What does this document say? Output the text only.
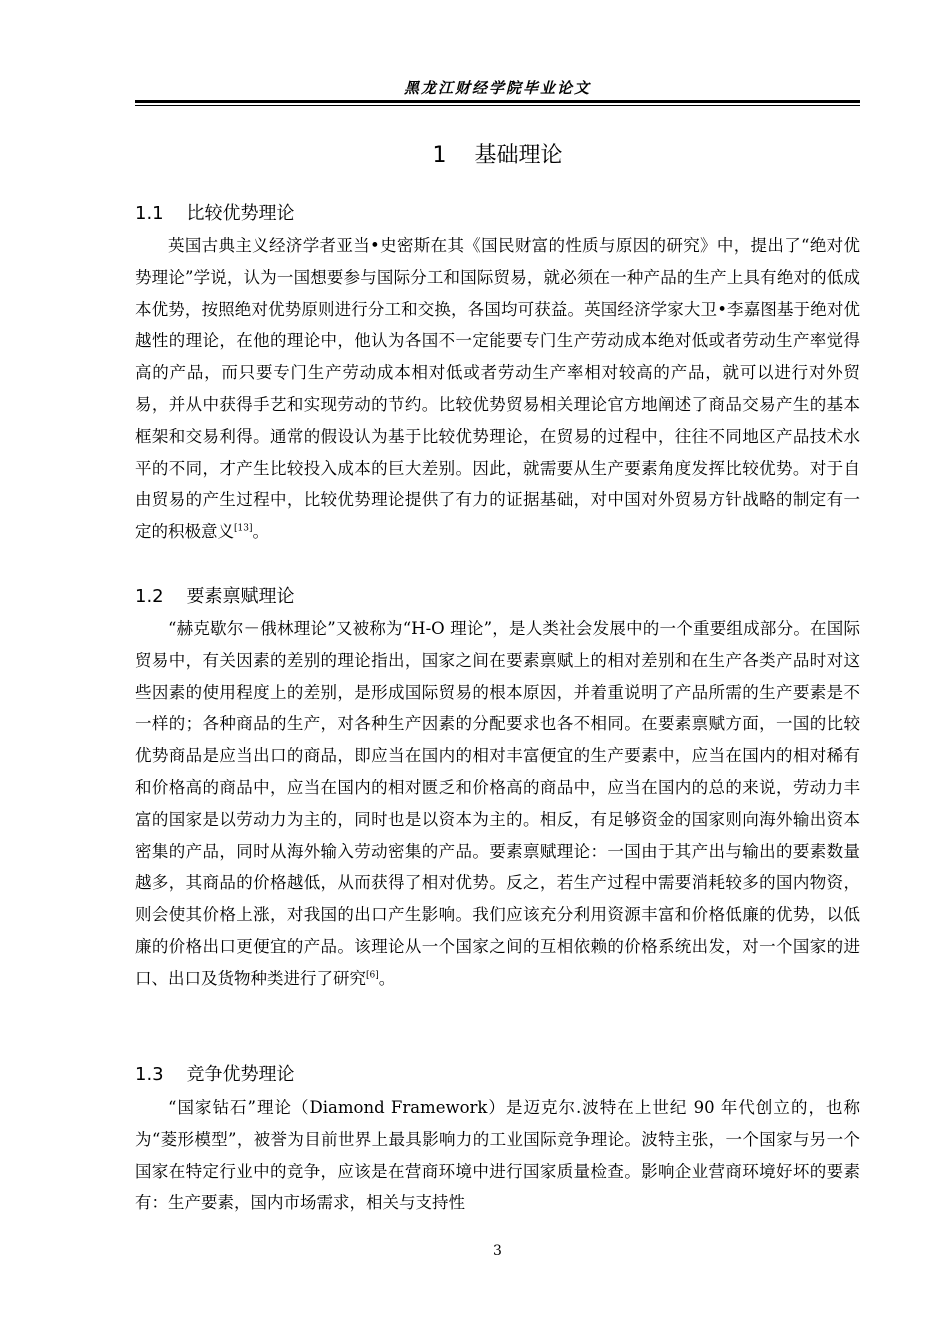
黑龙江财经学院毕业论文
1    基础理论
1.1    比较优势理论

英国古典主义经济学者亚当•史密斯在其《国民财富的性质与原因的研究》中，提出了“绝对优势理论”学说，认为一国想要参与国际分工和国际贸易，就必须在一种产品的生产上具有绝对的低成本优势，按照绝对优势原则进行分工和交换，各国均可获益。英国经济学家大卫•李嘉图基于绝对优越性的理论，在他的理论中，他认为各国不一定能要专门生产劳动成本绝对低或者劳动生产率觉得高的产品，而只要专门生产劳动成本相对低或者劳动生产率相对较高的产品，就可以进行对外贸易，并从中获得手艺和实现劳动的节约。比较优势贸易相关理论官方地阐述了商品交易产生的基本框架和交易利得。通常的假设认为基于比较优势理论，在贸易的过程中，往往不同地区产品技术水平的不同，才产生比较投入成本的巨大差别。因此，就需要从生产要素角度发挥比较优势。对于自由贸易的产生过程中，比较优势理论提供了有力的证据基础，对中国对外贸易方针战略的制定有一定的积极意义[13]。

1.2    要素禀赋理论

“赫克歇尔－俄林理论”又被称为“H-O 理论”，是人类社会发展中的一个重要组成部分。在国际贸易中，有关因素的差别的理论指出，国家之间在要素禀赋上的相对差别和在生产各类产品时对这些因素的使用程度上的差别，是形成国际贸易的根本原因，并着重说明了产品所需的生产要素是不一样的；各种商品的生产，对各种生产因素的分配要求也各不相同。在要素禀赋方面，一国的比较优势商品是应当出口的商品，即应当在国内的相对丰富便宜的生产要素中，应当在国内的相对稀有和价格高的商品中，应当在国内的相对匮乏和价格高的商品中，应当在国内的总的来说，劳动力丰富的国家是以劳动力为主的，同时也是以资本为主的。相反，有足够资金的国家则向海外输出资本密集的产品，同时从海外输入劳动密集的产品。要素禀赋理论：一国由于其产出与输出的要素数量越多，其商品的价格越低，从而获得了相对优势。反之，若生产过程中需要消耗较多的国内物资，则会使其价格上涨，对我国的出口产生影响。我们应该充分利用资源丰富和价格低廉的优势，以低廉的价格出口更便宜的产品。该理论从一个国家之间的互相依赖的价格系统出发，对一个国家的进口、出口及货物种类进行了研究[6]。

1.3    竞争优势理论

“国家钻石”理论（Diamond Framework）是迈克尔.波特在上世纪 90 年代创立的，也称为“菱形模型”，被誉为目前世界上最具影响力的工业国际竞争理论。波特主张，一个国家与另一个国家在特定行业中的竞争，应该是在营商环境中进行国家质量检查。影响企业营商环境好坏的要素有：生产要素，国内市场需求，相关与支持性

3
